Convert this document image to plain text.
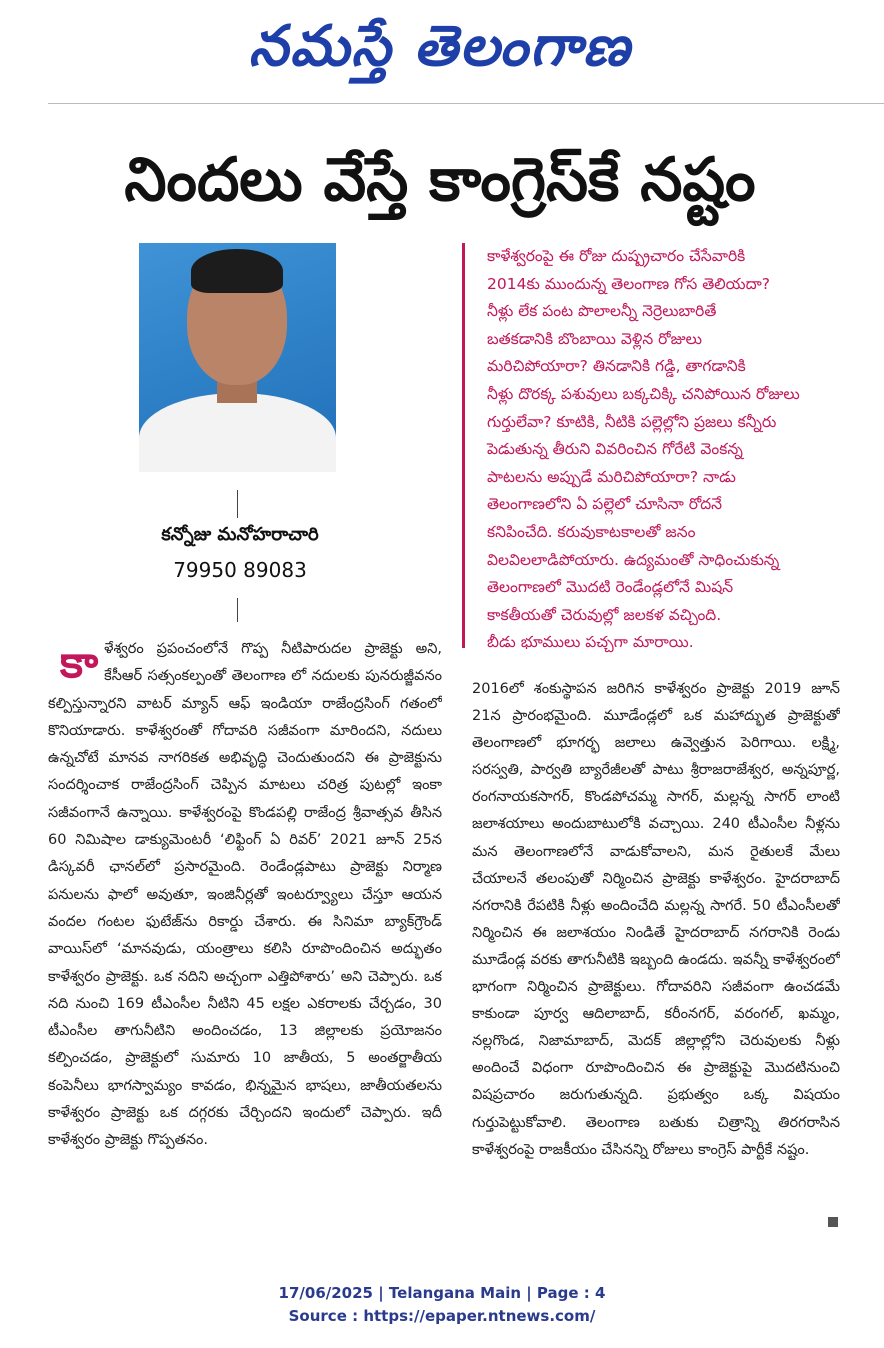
నమస్తే తెలంగాణ
నిందలు వేస్తే కాంగ్రెస్‌కే నష్టం
కన్నోజు మనోహరాచారి
79950 89083
కాళేశ్వరంపై ఈ రోజు దుష్ప్రచారం చేసేవారికి
2014కు ముందున్న తెలంగాణ గోస తెలియదా?
నీళ్లు లేక పంట పొలాలన్నీ నెర్రెలుబారితే
బతకడానికి బొంబాయి వెళ్లిన రోజులు
మరిచిపోయారా? తినడానికి గడ్డి, తాగడానికి
నీళ్లు దొరక్క పశువులు బక్కచిక్కి చనిపోయిన రోజులు
గుర్తులేవా? కూటికి, నీటికి పల్లెల్లోని ప్రజలు కన్నీరు
పెడుతున్న తీరుని వివరించిన గోరేటి వెంకన్న
పాటలను అప్పుడే మరిచిపోయారా? నాడు
తెలంగాణలోని ఏ పల్లెలో చూసినా రోదనే
కనిపించేది. కరువుకాటకాలతో జనం
విలవిలలాడిపోయారు. ఉద్యమంతో సాధించుకున్న
తెలంగాణలో మొదటి రెండేండ్లలోనే మిషన్
కాకతీయతో చెరువుల్లో జలకళ వచ్చింది.
బీడు భూములు పచ్చగా మారాయి.
కా ళేశ్వరం ప్రపంచంలోనే గొప్ప నీటిపారుదల ప్రాజెక్టు అని, కేసీఆర్ సత్సంకల్పంతో తెలంగాణ లో నదులకు పునరుజ్జీవనం కల్పిస్తున్నారని వాటర్ మ్యాన్ ఆఫ్ ఇండియా రాజేంద్రసింగ్ గతంలో కొనియాడారు. కాళేశ్వరంతో గోదావరి సజీవంగా మారిందని, నదులు ఉన్నచోటే మానవ నాగరికత అభివృద్ధి చెందుతుందని ఈ ప్రాజెక్టును సందర్శించాక రాజేంద్రసింగ్ చెప్పిన మాటలు చరిత్ర పుటల్లో ఇంకా సజీవంగానే ఉన్నాయి. కాళేశ్వరంపై కొండపల్లి రాజేంద్ర శ్రీవాత్సవ తీసిన 60 నిమిషాల డాక్యుమెంటరీ ‘లిఫ్టింగ్ ఏ రివర్’ 2021 జూన్ 25న డిస్కవరీ ఛానల్‌లో ప్రసారమైంది. రెండేండ్లపాటు ప్రాజెక్టు నిర్మాణ పనులను ఫాలో అవుతూ, ఇంజినీర్లతో ఇంటర్వ్యూలు చేస్తూ ఆయన వందల గంటల ఫుటేజ్‌ను రికార్డు చేశారు. ఈ సినిమా బ్యాక్‌గ్రౌండ్ వాయిస్‌లో ‘మానవుడు, యంత్రాలు కలిసి రూపొందించిన అద్భుతం కాళేశ్వరం ప్రాజెక్టు. ఒక నదిని అచ్చంగా ఎత్తిపోశారు’ అని చెప్పారు. ఒక నది నుంచి 169 టీఎంసీల నీటిని 45 లక్షల ఎకరాలకు చేర్చడం, 30 టీఎంసీల తాగునీటిని అందించడం, 13 జిల్లాలకు ప్రయోజనం కల్పించడం, ప్రాజెక్టులో సుమారు 10 జాతీయ, 5 అంతర్జాతీయ కంపెనీలు భాగస్వామ్యం కావడం, భిన్నమైన భాషలు, జాతీయతలను కాళేశ్వరం ప్రాజెక్టు ఒక దగ్గరకు చేర్చిందని ఇందులో చెప్పారు. ఇదీ కాళేశ్వరం ప్రాజెక్టు గొప్పతనం.
2016లో శంకుస్థాపన జరిగిన కాళేశ్వరం ప్రాజెక్టు 2019 జూన్ 21న ప్రారంభమైంది. మూడేండ్లలో ఒక మహాద్భుత ప్రాజెక్టుతో తెలంగాణలో భూగర్భ జలాలు ఉవ్వెత్తున పెరిగాయి. లక్ష్మి, సరస్వతి, పార్వతి బ్యారేజీలతో పాటు శ్రీరాజరాజేశ్వర, అన్నపూర్ణ, రంగనాయకసాగర్, కొండపోచమ్మ సాగర్, మల్లన్న సాగర్ లాంటి జలాశయాలు అందుబాటులోకి వచ్చాయి. 240 టీఎంసీల నీళ్లను మన తెలంగాణలోనే వాడుకోవాలని, మన రైతులకే మేలు చేయాలనే తలంపుతో నిర్మించిన ప్రాజెక్టు కాళేశ్వరం. హైదరాబాద్ నగరానికి రేపటికి నీళ్లు అందించేది మల్లన్న సాగరే. 50 టీఎంసీలతో నిర్మించిన ఈ జలాశయం నిండితే హైదరాబాద్ నగరానికి రెండు మూడేండ్ల వరకు తాగునీటికి ఇబ్బంది ఉండదు. ఇవన్నీ కాళేశ్వరంలో భాగంగా నిర్మించిన ప్రాజెక్టులు. గోదావరిని సజీవంగా ఉంచడమే కాకుండా పూర్వ ఆదిలాబాద్, కరీంనగర్, వరంగల్, ఖమ్మం, నల్లగొండ, నిజామాబాద్, మెదక్ జిల్లాల్లోని చెరువులకు నీళ్లు అందించే విధంగా రూపొందించిన ఈ ప్రాజెక్టుపై మొదటినుంచి విషప్రచారం జరుగుతున్నది. ప్రభుత్వం ఒక్క విషయం గుర్తుపెట్టుకోవాలి. తెలంగాణ బతుకు చిత్రాన్ని తిరగరాసిన కాళేశ్వరంపై రాజకీయం చేసినన్ని రోజులు కాంగ్రెస్ పార్టీకే నష్టం.
17/06/2025 | Telangana Main | Page : 4
Source : https://epaper.ntnews.com/
